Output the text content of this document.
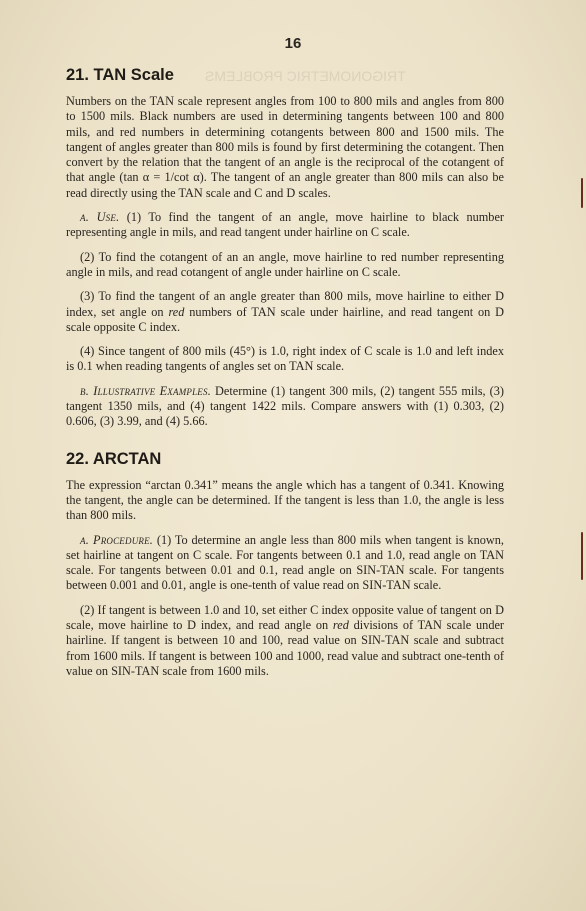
TRIGONOMETRIC PROBLEMS
16
21. TAN Scale

Numbers on the TAN scale represent angles from 100 to 800 mils and angles from 800 to 1500 mils. Black numbers are used in determining tangents between 100 and 800 mils, and red numbers in determining cotangents between 800 and 1500 mils. The tangent of angles greater than 800 mils is found by first determining the cotangent. Then convert by the relation that the tangent of an angle is the reciprocal of the cotangent of that angle (tan α = 1/cot α). The tangent of an angle greater than 800 mils can also be read directly using the TAN scale and C and D scales.

a. Use. (1) To find the tangent of an angle, move hairline to black number representing angle in mils, and read tangent under hairline on C scale.

(2) To find the cotangent of an an angle, move hairline to red number representing angle in mils, and read cotangent of angle under hairline on C scale.

(3) To find the tangent of an angle greater than 800 mils, move hairline to either D index, set angle on red numbers of TAN scale under hairline, and read tangent on D scale opposite C index.

(4) Since tangent of 800 mils (45°) is 1.0, right index of C scale is 1.0 and left index is 0.1 when reading tangents of angles set on TAN scale.

b. Illustrative Examples. Determine (1) tangent 300 mils, (2) tangent 555 mils, (3) tangent 1350 mils, and (4) tangent 1422 mils. Compare answers with (1) 0.303, (2) 0.606, (3) 3.99, and (4) 5.66.

22. ARCTAN

The expression “arctan 0.341” means the angle which has a tangent of 0.341. Knowing the tangent, the angle can be determined. If the tangent is less than 1.0, the angle is less than 800 mils.

a. Procedure. (1) To determine an angle less than 800 mils when tangent is known, set hairline at tangent on C scale. For tangents between 0.1 and 1.0, read angle on TAN scale. For tangents between 0.01 and 0.1, read angle on SIN-TAN scale. For tangents between 0.001 and 0.01, angle is one-tenth of value read on SIN-TAN scale.

(2) If tangent is between 1.0 and 10, set either C index opposite value of tangent on D scale, move hairline to D index, and read angle on red divisions of TAN scale under hairline. If tangent is between 10 and 100, read value on SIN-TAN scale and subtract from 1600 mils. If tangent is between 100 and 1000, read value and subtract one-tenth of value on SIN-TAN scale from 1600 mils.
